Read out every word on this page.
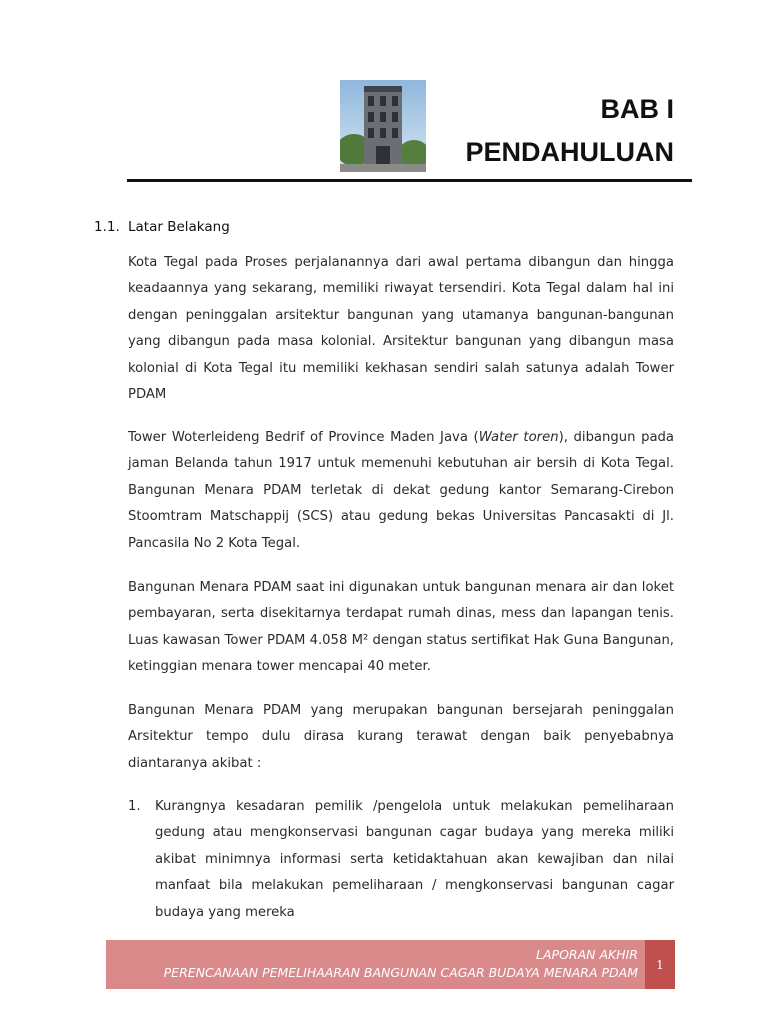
BAB I
PENDAHULUAN
1.1. Latar Belakang

Kota Tegal pada Proses perjalanannya dari awal pertama dibangun dan hingga keadaannya yang sekarang, memiliki riwayat tersendiri. Kota Tegal dalam hal ini dengan peninggalan arsitektur bangunan yang utamanya bangunan-bangunan yang dibangun pada masa kolonial. Arsitektur bangunan yang dibangun masa kolonial di Kota Tegal itu memiliki kekhasan sendiri salah satunya adalah Tower PDAM

Tower Woterleideng Bedrif of Province Maden Java (Water toren), dibangun pada jaman Belanda tahun 1917 untuk memenuhi kebutuhan air bersih di Kota Tegal. Bangunan Menara PDAM terletak di dekat gedung kantor Semarang-Cirebon Stoomtram Matschappij (SCS) atau gedung bekas Universitas Pancasakti di Jl. Pancasila No 2 Kota Tegal.

Bangunan Menara PDAM saat ini digunakan untuk bangunan menara air dan loket pembayaran, serta disekitarnya terdapat rumah dinas, mess dan lapangan tenis. Luas kawasan Tower PDAM 4.058 M² dengan status sertifikat Hak Guna Bangunan, ketinggian menara tower mencapai 40 meter.

Bangunan Menara PDAM yang merupakan bangunan bersejarah peninggalan Arsitektur tempo dulu dirasa kurang terawat dengan baik penyebabnya diantaranya akibat :

1. Kurangnya kesadaran pemilik /pengelola untuk melakukan pemeliharaan gedung atau mengkonservasi bangunan cagar budaya yang mereka miliki akibat minimnya informasi serta ketidaktahuan akan kewajiban dan nilai manfaat bila melakukan pemeliharaan / mengkonservasi bangunan cagar budaya yang mereka
LAPORAN AKHIR
PERENCANAAN PEMELIHAARAN BANGUNAN CAGAR BUDAYA MENARA PDAM
1
